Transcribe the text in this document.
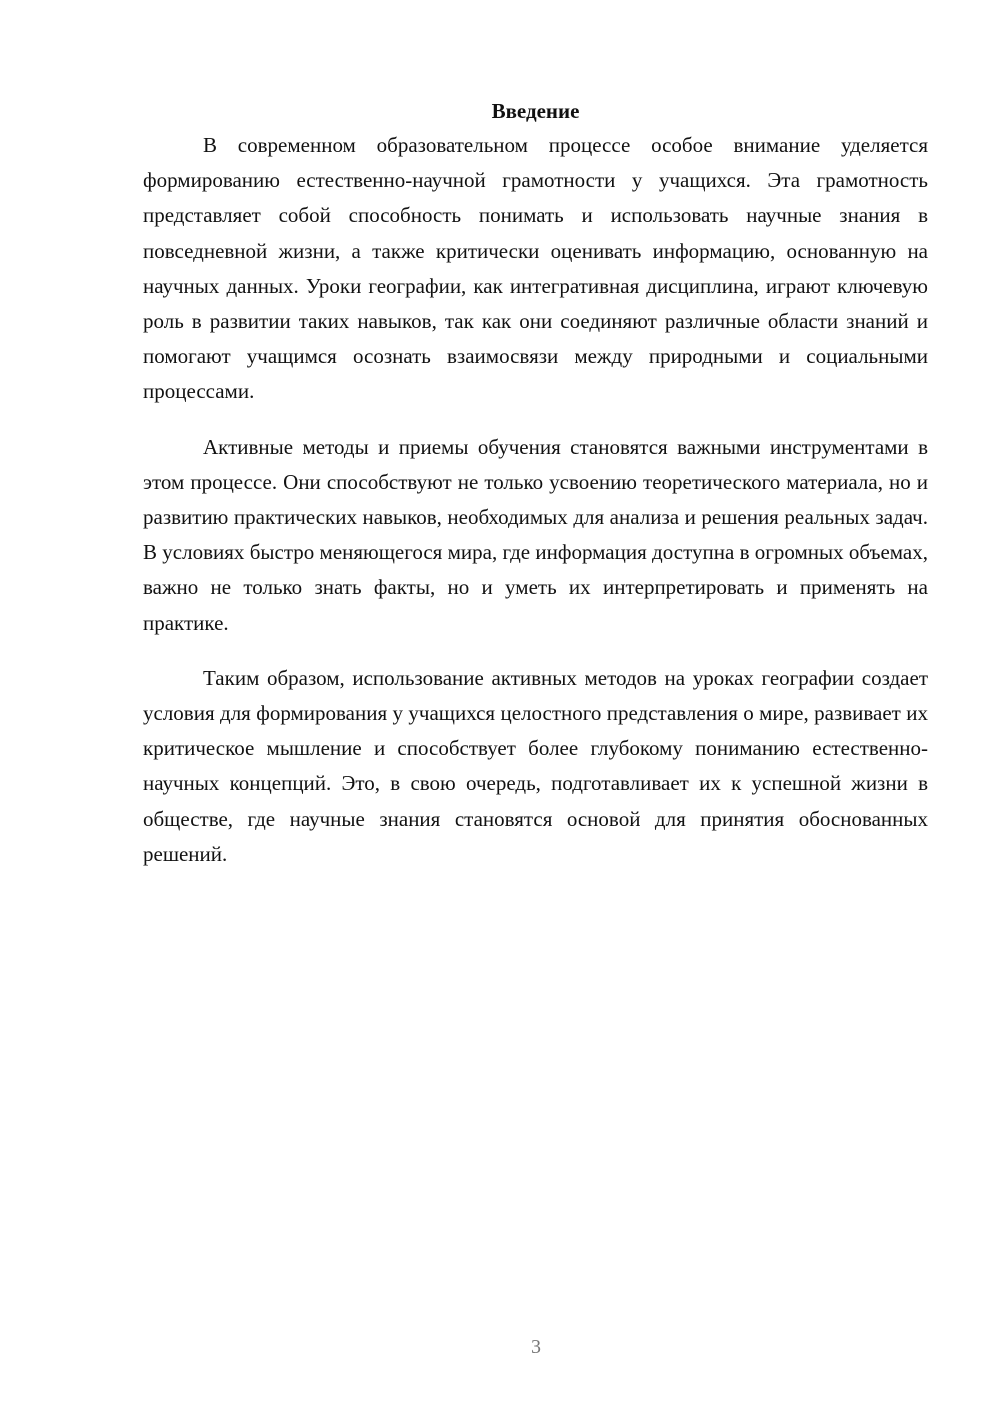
Введение

В современном образовательном процессе особое внимание уделяется формированию естественно-научной грамотности у учащихся. Эта грамотность представляет собой способность понимать и использовать научные знания в повседневной жизни, а также критически оценивать информацию, основанную на научных данных. Уроки географии, как интегративная дисциплина, играют ключевую роль в развитии таких навыков, так как они соединяют различные области знаний и помогают учащимся осознать взаимосвязи между природными и социальными процессами.

Активные методы и приемы обучения становятся важными инструментами в этом процессе. Они способствуют не только усвоению теоретического материала, но и развитию практических навыков, необходимых для анализа и решения реальных задач. В условиях быстро меняющегося мира, где информация доступна в огромных объемах, важно не только знать факты, но и уметь их интерпретировать и применять на практике.

Таким образом, использование активных методов на уроках географии создает условия для формирования у учащихся целостного представления о мире, развивает их критическое мышление и способствует более глубокому пониманию естественно-научных концепций. Это, в свою очередь, подготавливает их к успешной жизни в обществе, где научные знания становятся основой для принятия обоснованных решений.

3
